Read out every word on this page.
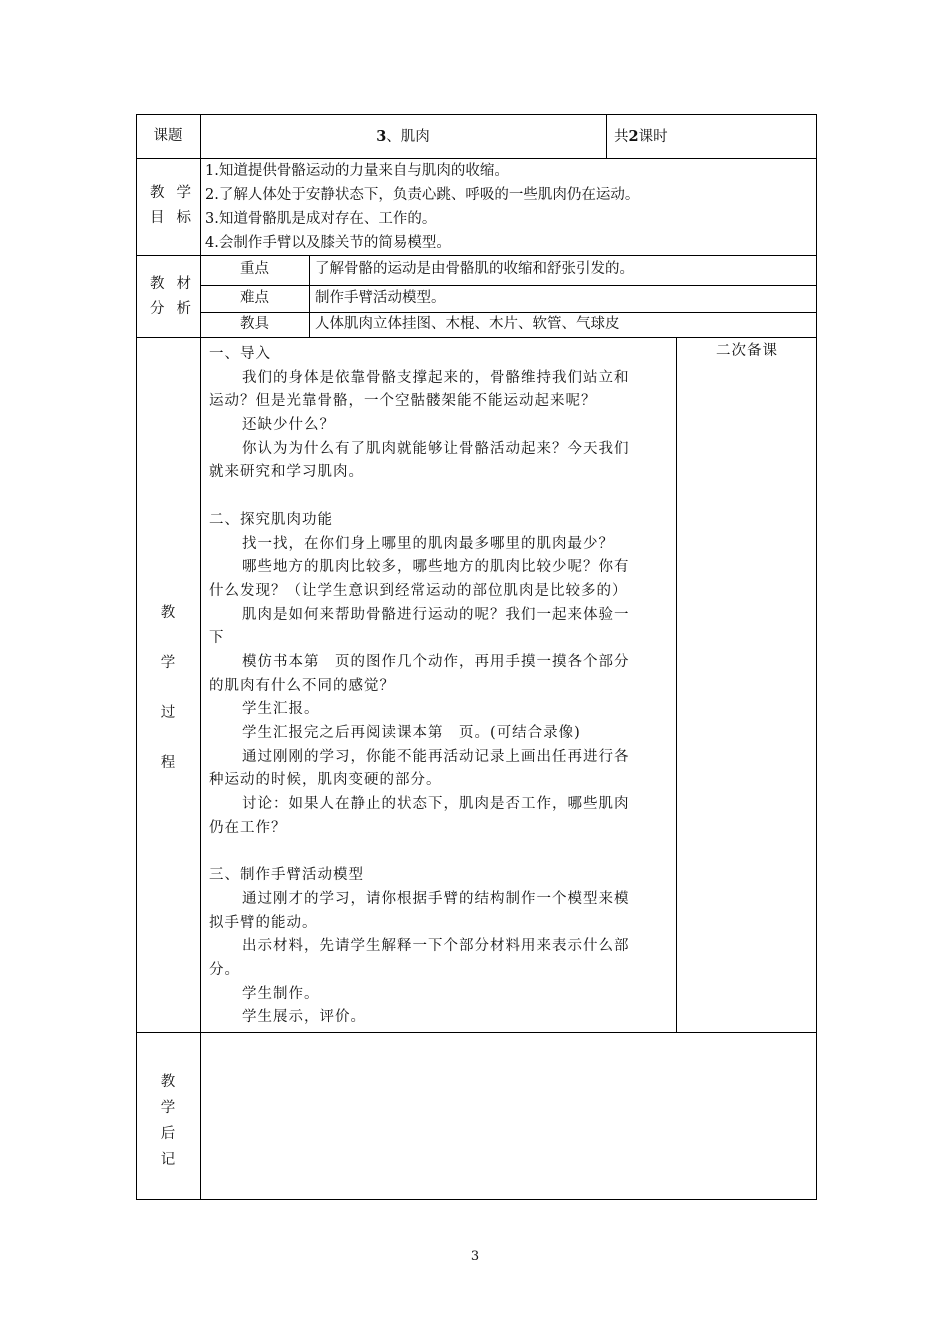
课题	3、肌肉	共2课时
教 学
目 标
1.知道提供骨骼运动的力量来自与肌肉的收缩。
2.了解人体处于安静状态下，负责心跳、呼吸的一些肌肉仍在运动。
3.知道骨骼肌是成对存在、工作的。
4.会制作手臂以及膝关节的简易模型。
教 材
分 析
重点	了解骨骼的运动是由骨骼肌的收缩和舒张引发的。
难点	制作手臂活动模型。
教具	人体肌肉立体挂图、木棍、木片、软管、气球皮
教
学
过
程
二次备课
一、导入
我们的身体是依靠骨骼支撑起来的，骨骼维持我们站立和
运动？但是光靠骨骼，一个空骷髅架能不能运动起来呢？
还缺少什么？
你认为为什么有了肌肉就能够让骨骼活动起来？今天我们
就来研究和学习肌肉。
二、探究肌肉功能
找一找，在你们身上哪里的肌肉最多哪里的肌肉最少？
哪些地方的肌肉比较多，哪些地方的肌肉比较少呢？你有
什么发现？（让学生意识到经常运动的部位肌肉是比较多的）
肌肉是如何来帮助骨骼进行运动的呢？我们一起来体验一
下
模仿书本第　页的图作几个动作，再用手摸一摸各个部分
的肌肉有什么不同的感觉？
学生汇报。
学生汇报完之后再阅读课本第　页。(可结合录像)
通过刚刚的学习，你能不能再活动记录上画出任再进行各
种运动的时候，肌肉变硬的部分。
讨论：如果人在静止的状态下，肌肉是否工作，哪些肌肉
仍在工作？
三、制作手臂活动模型
通过刚才的学习，请你根据手臂的结构制作一个模型来模
拟手臂的能动。
出示材料，先请学生解释一下个部分材料用来表示什么部
分。
学生制作。
学生展示，评价。
教
学
后
记
3
